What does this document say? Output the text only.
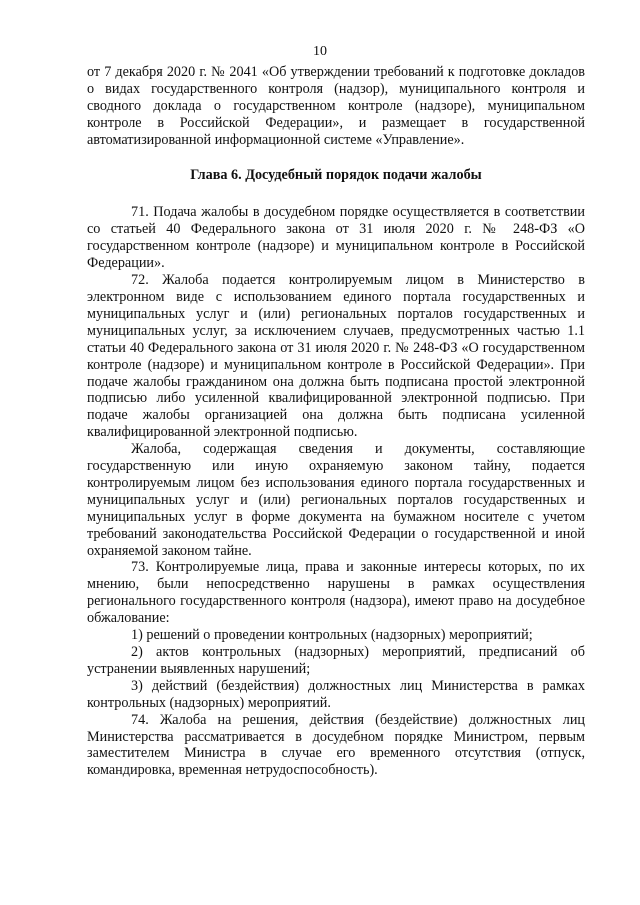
10

от 7 декабря 2020 г. № 2041 «Об утверждении требований к подготовке докладов о видах государственного контроля (надзор), муниципального контроля и сводного доклада о государственном контроле (надзоре), муниципальном контроле в Российской Федерации», и размещает в государственной автоматизированной информационной системе «Управление».

Глава 6. Досудебный порядок подачи жалобы

71. Подача жалобы в досудебном порядке осуществляется в соответствии со статьей 40 Федерального закона от 31 июля 2020 г. № 248-ФЗ «О государственном контроле (надзоре) и муниципальном контроле в Российской Федерации».

72. Жалоба подается контролируемым лицом в Министерство в электронном виде с использованием единого портала государственных и муниципальных услуг и (или) региональных порталов государственных и муниципальных услуг, за исключением случаев, предусмотренных частью 1.1 статьи 40 Федерального закона от 31 июля 2020 г. № 248-ФЗ «О государственном контроле (надзоре) и муниципальном контроле в Российской Федерации». При подаче жалобы гражданином она должна быть подписана простой электронной подписью либо усиленной квалифицированной электронной подписью. При подаче жалобы организацией она должна быть подписана усиленной квалифицированной электронной подписью.

Жалоба, содержащая сведения и документы, составляющие государственную или иную охраняемую законом тайну, подается контролируемым лицом без использования единого портала государственных и муниципальных услуг и (или) региональных порталов государственных и муниципальных услуг в форме документа на бумажном носителе с учетом требований законодательства Российской Федерации о государственной и иной охраняемой законом тайне.

73. Контролируемые лица, права и законные интересы которых, по их мнению, были непосредственно нарушены в рамках осуществления регионального государственного контроля (надзора), имеют право на досудебное обжалование:

1) решений о проведении контрольных (надзорных) мероприятий;

2) актов контрольных (надзорных) мероприятий, предписаний об устранении выявленных нарушений;

3) действий (бездействия) должностных лиц Министерства в рамках контрольных (надзорных) мероприятий.

74. Жалоба на решения, действия (бездействие) должностных лиц Министерства рассматривается в досудебном порядке Министром, первым заместителем Министра в случае его временного отсутствия (отпуск, командировка, временная нетрудоспособность).
